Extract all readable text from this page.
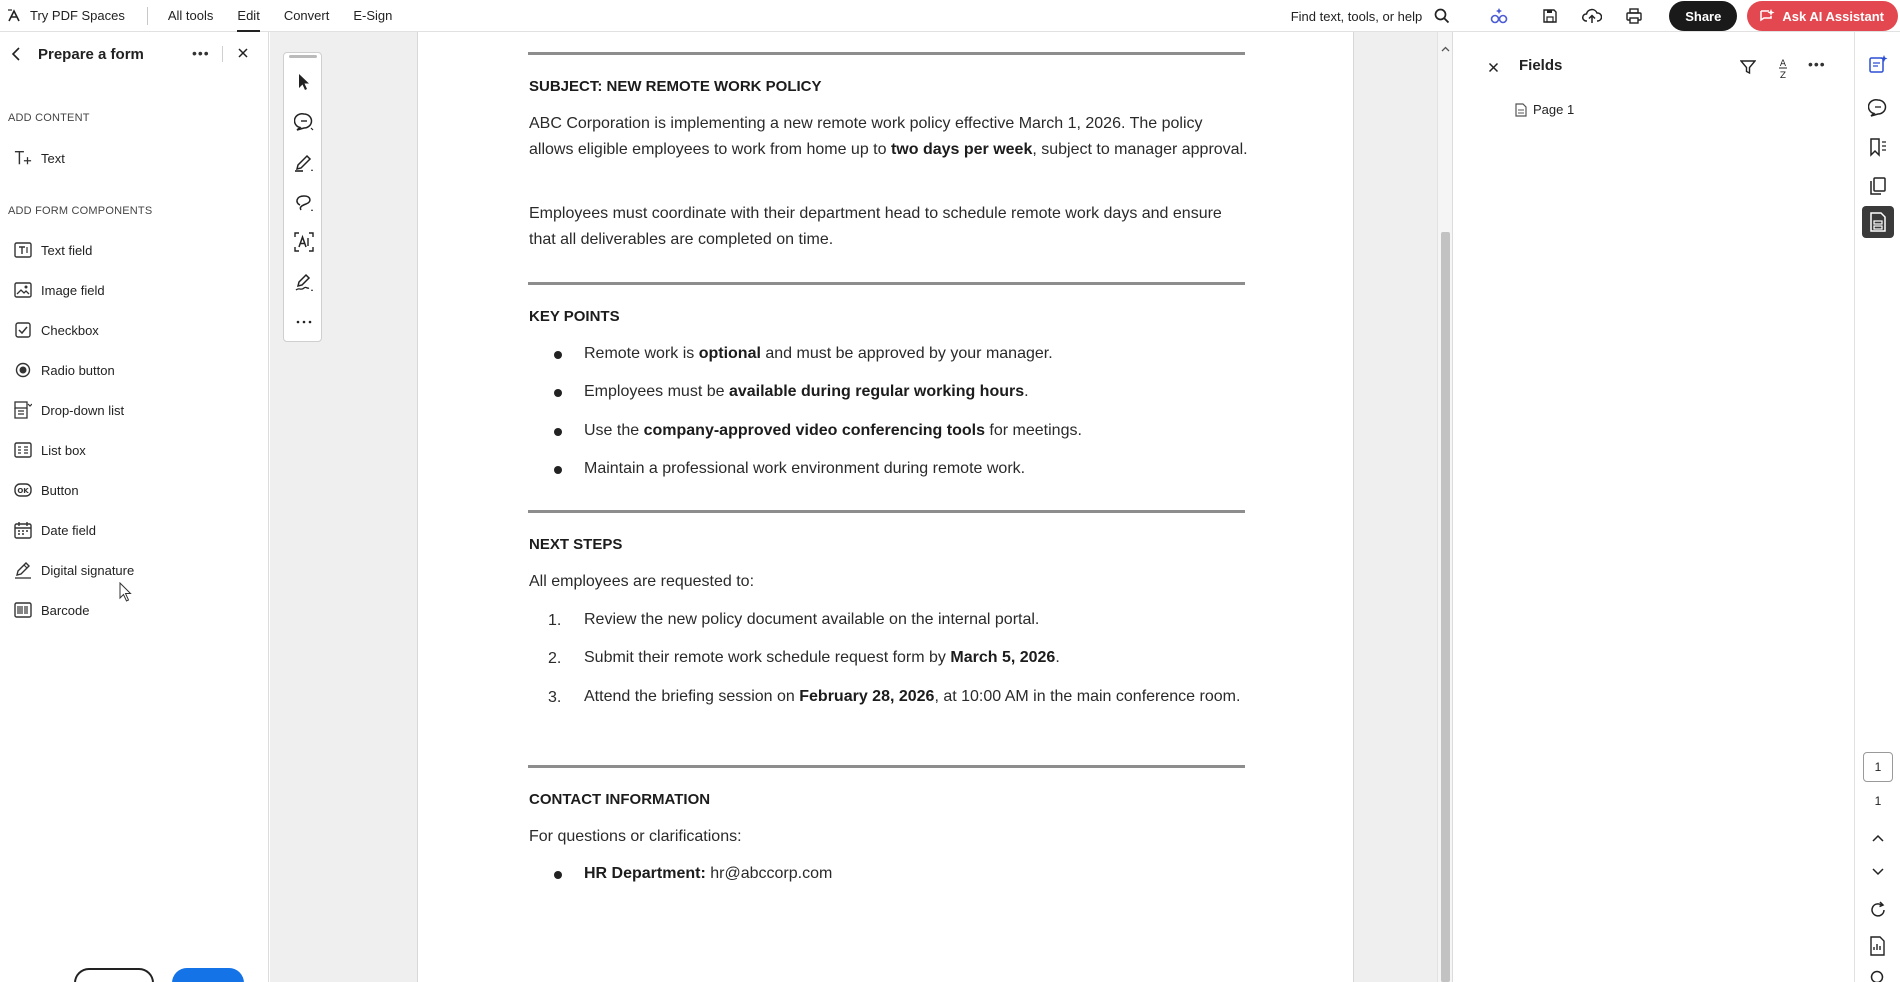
Try PDF Spaces	All tools Edit Convert E-Sign	Find text, tools, or help	Share	Ask AI Assistant
Prepare a form	•••
ADD CONTENT
Text
ADD FORM COMPONENTS
Text field
Image field
Checkbox
Radio button
Drop-down list
List box
OK Button
Date field
Digital signature
Barcode
SUBJECT: NEW REMOTE WORK POLICY
ABC Corporation is implementing a new remote work policy effective March 1, 2026. The policy allows eligible employees to work from home up to two days per week, subject to manager approval.
Employees must coordinate with their department head to schedule remote work days and ensure that all deliverables are completed on time.
KEY POINTS
Remote work is optional and must be approved by your manager.
Employees must be available during regular working hours.
Use the company-approved video conferencing tools for meetings.
Maintain a professional work environment during remote work.
NEXT STEPS
All employees are requested to:
1. Review the new policy document available on the internal portal.
2. Submit their remote work schedule request form by March 5, 2026.
3. Attend the briefing session on February 28, 2026, at 10:00 AM in the main conference room.
CONTACT INFORMATION
For questions or clarifications:
HR Department: hr@abccorp.com
Fields	A
Z
•••
Page 1
1
1
